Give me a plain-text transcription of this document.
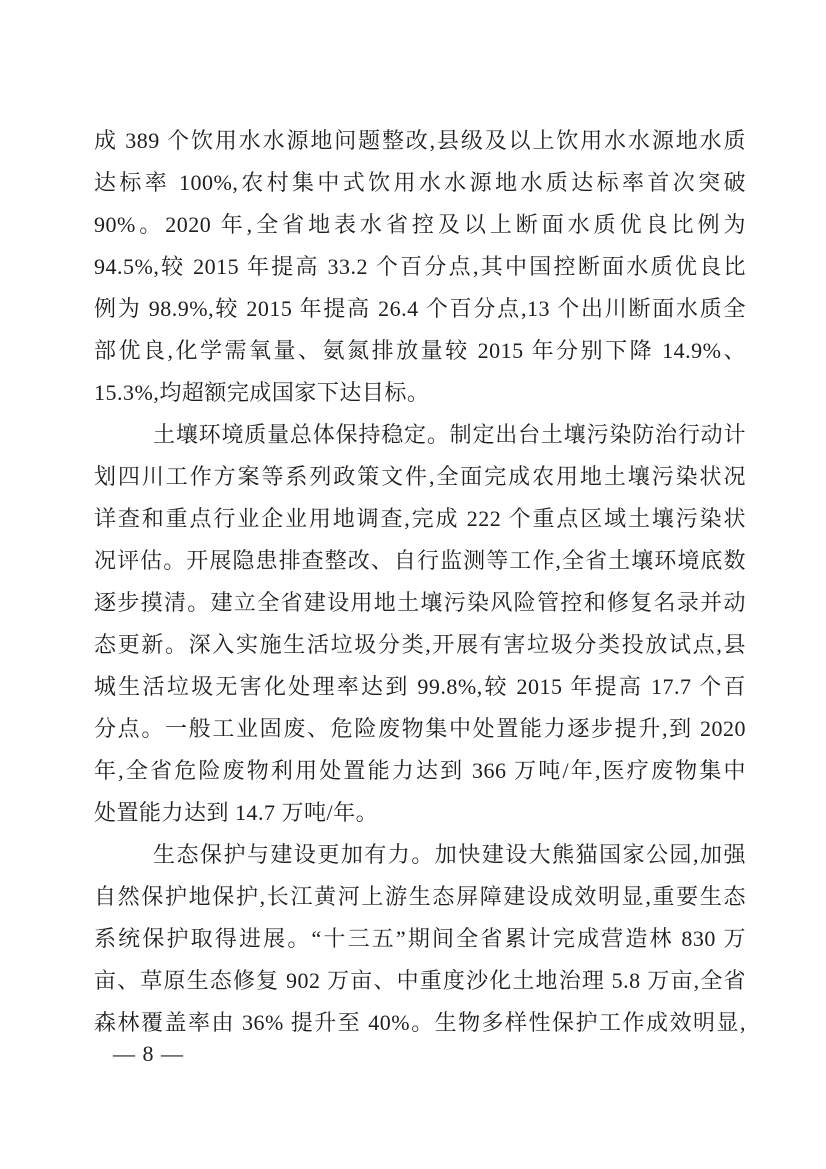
成 389 个饮用水水源地问题整改,县级及以上饮用水水源地水质
达标率 100%,农村集中式饮用水水源地水质达标率首次突破
90%。2020 年,全省地表水省控及以上断面水质优良比例为
94.5%,较 2015 年提高 33.2 个百分点,其中国控断面水质优良比
例为 98.9%,较 2015 年提高 26.4 个百分点,13 个出川断面水质全
部优良,化学需氧量、氨氮排放量较 2015 年分别下降 14.9%、
15.3%,均超额完成国家下达目标。
土壤环境质量总体保持稳定。制定出台土壤污染防治行动计
划四川工作方案等系列政策文件,全面完成农用地土壤污染状况
详查和重点行业企业用地调查,完成 222 个重点区域土壤污染状
况评估。开展隐患排查整改、自行监测等工作,全省土壤环境底数
逐步摸清。建立全省建设用地土壤污染风险管控和修复名录并动
态更新。深入实施生活垃圾分类,开展有害垃圾分类投放试点,县
城生活垃圾无害化处理率达到 99.8%,较 2015 年提高 17.7 个百
分点。一般工业固废、危险废物集中处置能力逐步提升,到 2020
年,全省危险废物利用处置能力达到 366 万吨/年,医疗废物集中
处置能力达到 14.7 万吨/年。
生态保护与建设更加有力。加快建设大熊猫国家公园,加强
自然保护地保护,长江黄河上游生态屏障建设成效明显,重要生态
系统保护取得进展。“十三五”期间全省累计完成营造林 830 万
亩、草原生态修复 902 万亩、中重度沙化土地治理 5.8 万亩,全省
森林覆盖率由 36% 提升至 40%。生物多样性保护工作成效明显,
— 8 —
